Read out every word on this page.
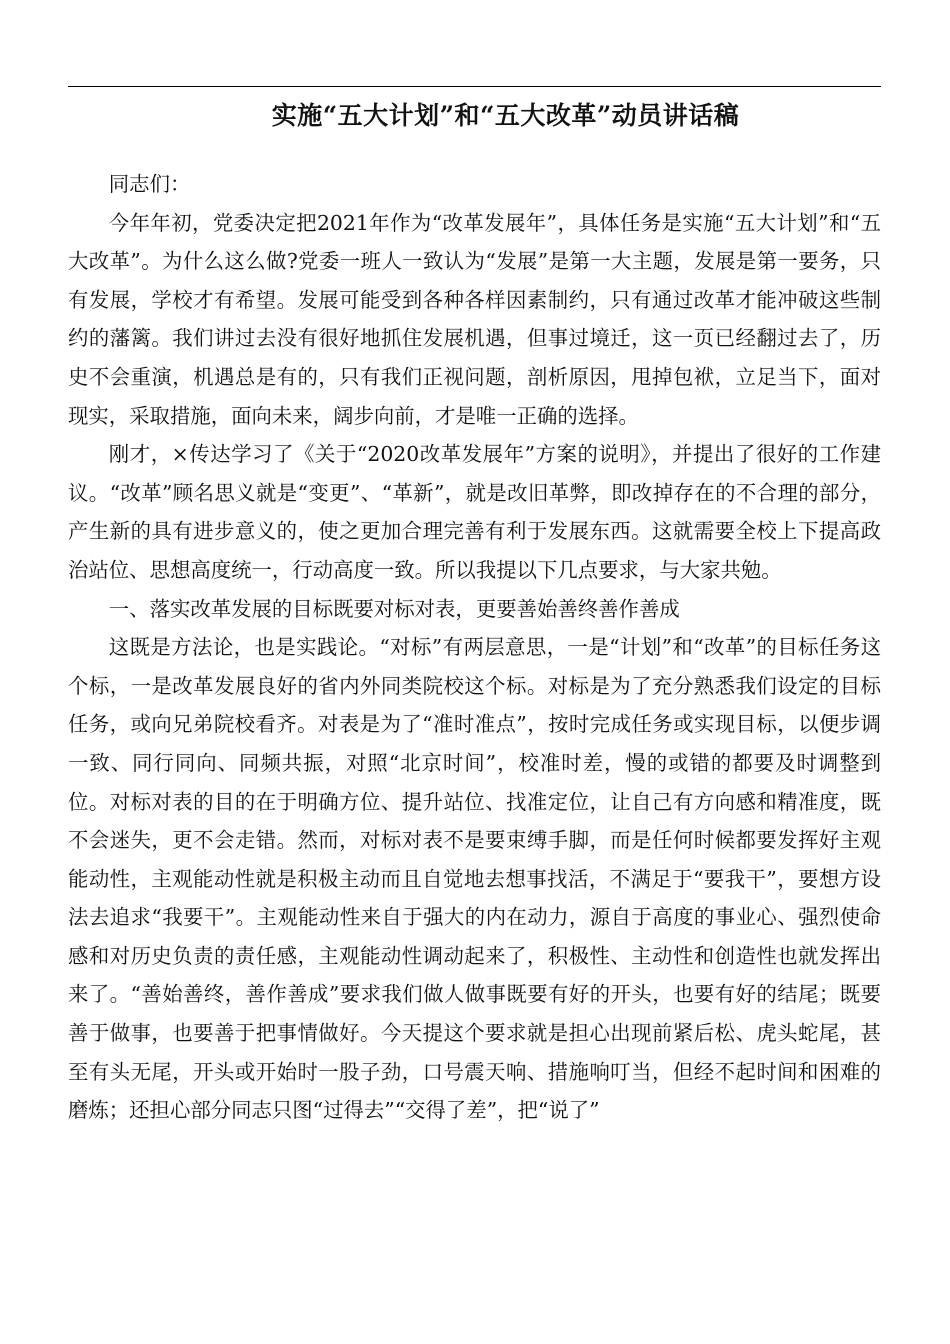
实施“五大计划”和“五大改革”动员讲话稿

同志们：

今年年初，党委决定把2021年作为“改革发展年”，具体任务是实施“五大计划”和“五大改革”。为什么这么做?党委一班人一致认为“发展”是第一大主题，发展是第一要务，只有发展，学校才有希望。发展可能受到各种各样因素制约，只有通过改革才能冲破这些制约的藩篱。我们讲过去没有很好地抓住发展机遇，但事过境迁，这一页已经翻过去了，历史不会重演，机遇总是有的，只有我们正视问题，剖析原因，甩掉包袱，立足当下，面对现实，采取措施，面向未来，阔步向前，才是唯一正确的选择。

刚才，×传达学习了《关于“2020改革发展年”方案的说明》，并提出了很好的工作建议。“改革”顾名思义就是“变更”、“革新”，就是改旧革弊，即改掉存在的不合理的部分，产生新的具有进步意义的，使之更加合理完善有利于发展东西。这就需要全校上下提高政治站位、思想高度统一，行动高度一致。所以我提以下几点要求，与大家共勉。

一、落实改革发展的目标既要对标对表，更要善始善终善作善成

这既是方法论，也是实践论。“对标”有两层意思，一是“计划”和“改革”的目标任务这个标，一是改革发展良好的省内外同类院校这个标。对标是为了充分熟悉我们设定的目标任务，或向兄弟院校看齐。对表是为了“准时准点”，按时完成任务或实现目标，以便步调一致、同行同向、同频共振，对照“北京时间”，校准时差，慢的或错的都要及时调整到位。对标对表的目的在于明确方位、提升站位、找准定位，让自己有方向感和精准度，既不会迷失，更不会走错。然而，对标对表不是要束缚手脚，而是任何时候都要发挥好主观能动性，主观能动性就是积极主动而且自觉地去想事找活，不满足于“要我干”，要想方设法去追求“我要干”。主观能动性来自于强大的内在动力，源自于高度的事业心、强烈使命感和对历史负责的责任感，主观能动性调动起来了，积极性、主动性和创造性也就发挥出来了。“善始善终，善作善成”要求我们做人做事既要有好的开头，也要有好的结尾；既要善于做事，也要善于把事情做好。今天提这个要求就是担心出现前紧后松、虎头蛇尾，甚至有头无尾，开头或开始时一股子劲，口号震天响、措施响叮当，但经不起时间和困难的磨炼；还担心部分同志只图“过得去”“交得了差”，把“说了”
